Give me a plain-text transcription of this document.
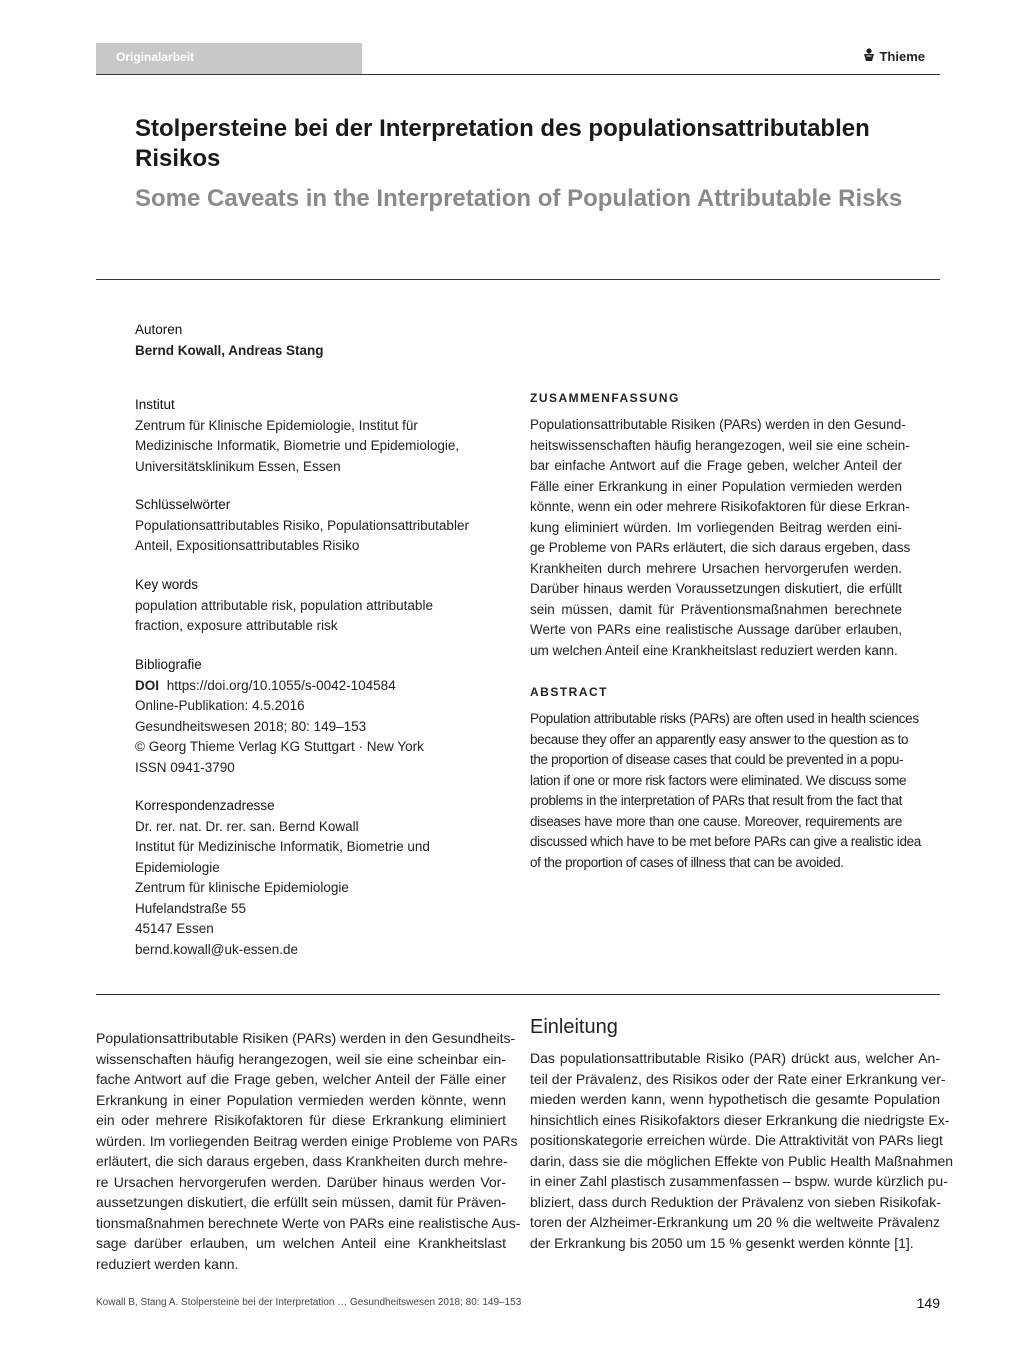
Originalarbeit	Thieme
Stolpersteine bei der Interpretation des populationsattributablen Risikos
Some Caveats in the Interpretation of Population Attributable Risks
Autoren
Bernd Kowall, Andreas Stang
Institut
Zentrum für Klinische Epidemiologie, Institut für
Medizinische Informatik, Biometrie und Epidemiologie,
Universitätsklinikum Essen, Essen
Schlüsselwörter
Populationsattributables Risiko, Populationsattributabler
Anteil, Expositionsattributables Risiko
Key words
population attributable risk, population attributable
fraction, exposure attributable risk
Bibliografie
DOI https://doi.org/10.1055/s-0042-104584
Online-Publikation: 4.5.2016
Gesundheitswesen 2018; 80: 149–153
© Georg Thieme Verlag KG Stuttgart · New York
ISSN 0941-3790
Korrespondenzadresse
Dr. rer. nat. Dr. rer. san. Bernd Kowall
Institut für Medizinische Informatik, Biometrie und
Epidemiologie
Zentrum für klinische Epidemiologie
Hufelandstraße 55
45147 Essen
bernd.kowall@uk-essen.de
ZUSAMMENFASSUNG
Populationsattributable Risiken (PARs) werden in den Gesund-
heitswissenschaften häufig herangezogen, weil sie eine schein-
bar einfache Antwort auf die Frage geben, welcher Anteil der
Fälle einer Erkrankung in einer Population vermieden werden
könnte, wenn ein oder mehrere Risikofaktoren für diese Erkran-
kung eliminiert würden. Im vorliegenden Beitrag werden eini-
ge Probleme von PARs erläutert, die sich daraus ergeben, dass
Krankheiten durch mehrere Ursachen hervorgerufen werden.
Darüber hinaus werden Voraussetzungen diskutiert, die erfüllt
sein müssen, damit für Präventionsmaßnahmen berechnete
Werte von PARs eine realistische Aussage darüber erlauben,
um welchen Anteil eine Krankheitslast reduziert werden kann.
ABSTRACT
Population attributable risks (PARs) are often used in health sciences
because they offer an apparently easy answer to the question as to
the proportion of disease cases that could be prevented in a popu-
lation if one or more risk factors were eliminated. We discuss some
problems in the interpretation of PARs that result from the fact that
diseases have more than one cause. Moreover, requirements are
discussed which have to be met before PARs can give a realistic idea
of the proportion of cases of illness that can be avoided.
Populationsattributable Risiken (PARs) werden in den Gesundheits-
wissenschaften häufig herangezogen, weil sie eine scheinbar ein-
fache Antwort auf die Frage geben, welcher Anteil der Fälle einer
Erkrankung in einer Population vermieden werden könnte, wenn
ein oder mehrere Risikofaktoren für diese Erkrankung eliminiert
würden. Im vorliegenden Beitrag werden einige Probleme von PARs
erläutert, die sich daraus ergeben, dass Krankheiten durch mehre-
re Ursachen hervorgerufen werden. Darüber hinaus werden Vor-
aussetzungen diskutiert, die erfüllt sein müssen, damit für Präven-
tionsmaßnahmen berechnete Werte von PARs eine realistische Aus-
sage darüber erlauben, um welchen Anteil eine Krankheitslast
reduziert werden kann.
Einleitung
Das populationsattributable Risiko (PAR) drückt aus, welcher An-
teil der Prävalenz, des Risikos oder der Rate einer Erkrankung ver-
mieden werden kann, wenn hypothetisch die gesamte Population
hinsichtlich eines Risikofaktors dieser Erkrankung die niedrigste Ex-
positionskategorie erreichen würde. Die Attraktivität von PARs liegt
darin, dass sie die möglichen Effekte von Public Health Maßnahmen
in einer Zahl plastisch zusammenfassen – bspw. wurde kürzlich pu-
bliziert, dass durch Reduktion der Prävalenz von sieben Risikofak-
toren der Alzheimer-Erkrankung um 20 % die weltweite Prävalenz
der Erkrankung bis 2050 um 15 % gesenkt werden könnte [1].
Kowall B, Stang A. Stolpersteine bei der Interpretation … Gesundheitswesen 2018; 80: 149–153	149
